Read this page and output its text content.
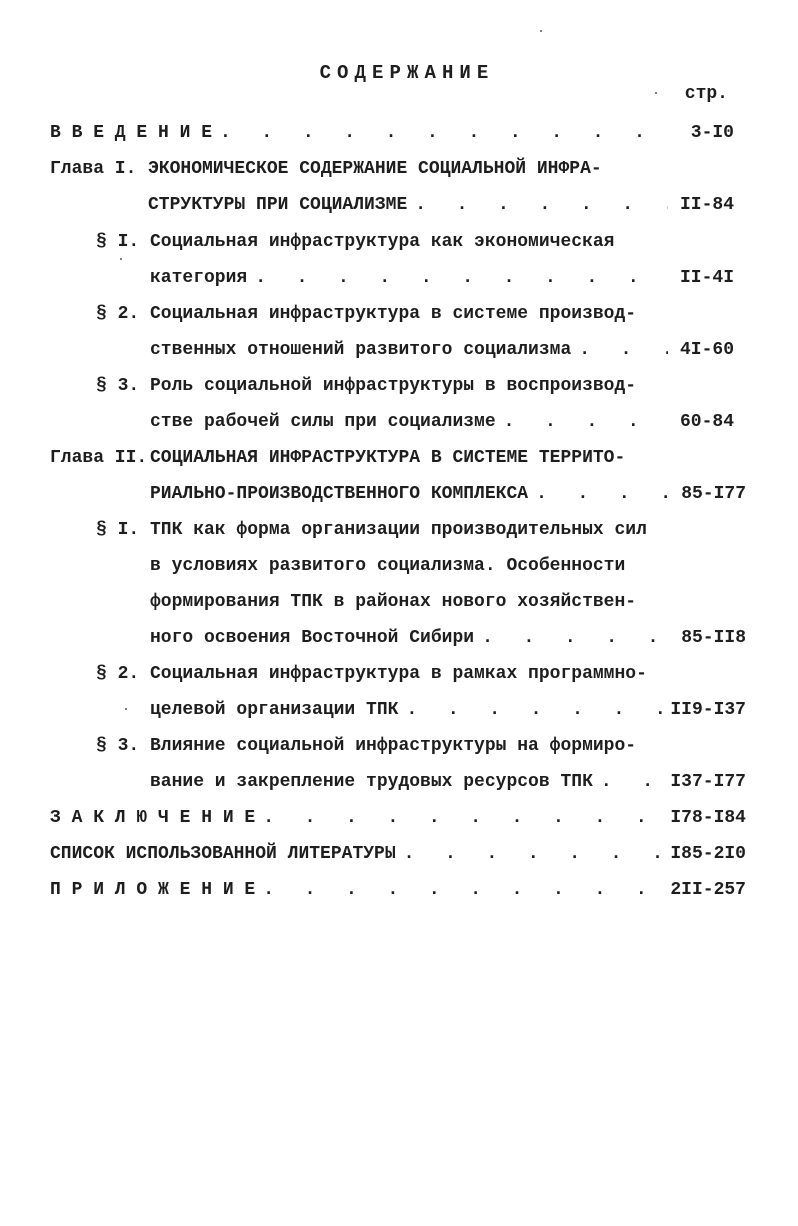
СОДЕРЖАНИЕ
стр.
В В Е Д Е Н И Е . . .	3-I0
Глава I. ЭКОНОМИЧЕСКОЕ СОДЕРЖАНИЕ СОЦИАЛЬНОЙ ИНФРА-
СТРУКТУРЫ ПРИ СОЦИАЛИЗМЕ . . .	II-84
§ I. Социальная инфраструктура как экономическая
категория . . .	II-4I
§ 2. Социальная инфраструктура в системе производ-
ственных отношений развитого социализма . . .	4I-60
§ 3. Роль социальной инфраструктуры в воспроизвод-
стве рабочей силы при социализме . . .	60-84
Глава II. СОЦИАЛЬНАЯ ИНФРАСТРУКТУРА В СИСТЕМЕ ТЕРРИТО-
РИАЛЬНО-ПРОИЗВОДСТВЕННОГО КОМПЛЕКСА . . .	85-I77
§ I. ТПК как форма организации производительных сил
в условиях развитого социализма. Особенности
формирования ТПК в районах нового хозяйствен-
ного освоения Восточной Сибири . . .	85-II8
§ 2. Социальная инфраструктура в рамках программно-
целевой организации ТПК . . .	II9-I37
§ 3. Влияние социальной инфраструктуры на формиро-
вание и закрепление трудовых ресурсов ТПК . . .	I37-I77
З А К Л Ю Ч Е Н И Е . . .	I78-I84
СПИСОК ИСПОЛЬЗОВАННОЙ ЛИТЕРАТУРЫ . . .	I85-2I0
П Р И Л О Ж Е Н И Е . . .	2II-257
